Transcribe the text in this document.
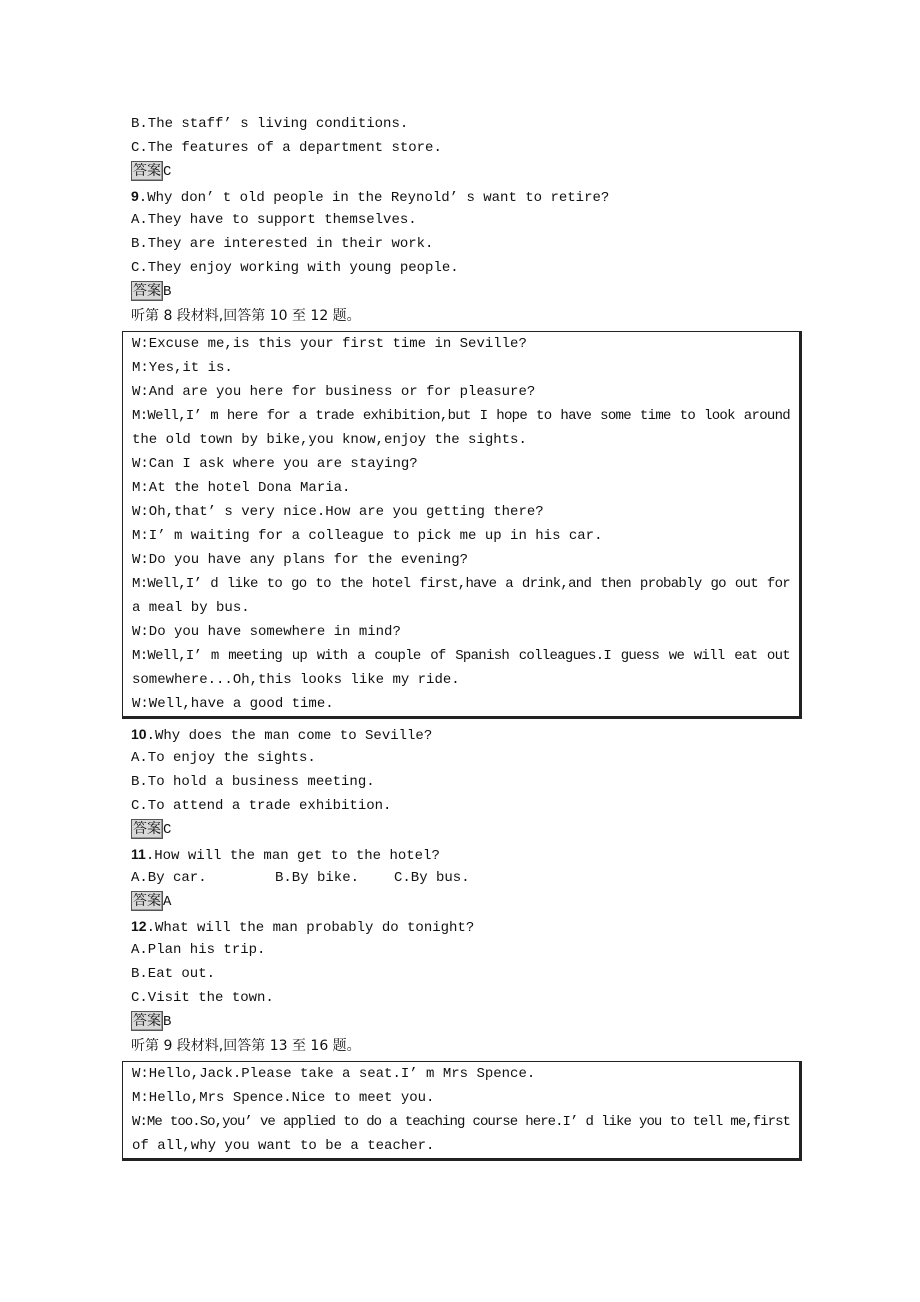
B.The staff’ s living conditions.
C.The features of a department store.
答案 C
9.Why don’ t old people in the Reynold’ s want to retire?
A.They have to support themselves.
B.They are interested in their work.
C.They enjoy working with young people.
答案 B
听第 8 段材料,回答第 10 至 12 题。
W:Excuse me,is this your first time in Seville?
M:Yes,it is.
W:And are you here for business or for pleasure?
M:Well,I’ m here for a trade exhibition,but I hope to have some time to look around
the old town by bike,you know,enjoy the sights.
W:Can I ask where you are staying?
M:At the hotel Dona Maria.
W:Oh,that’ s very nice.How are you getting there?
M:I’ m waiting for a colleague to pick me up in his car.
W:Do you have any plans for the evening?
M:Well,I’ d like to go to the hotel first,have a drink,and then probably go out for
a meal by bus.
W:Do you have somewhere in mind?
M:Well,I’ m meeting up with a couple of Spanish colleagues.I guess we will eat out
somewhere...Oh,this looks like my ride.
W:Well,have a good time.
10.Why does the man come to Seville?
A.To enjoy the sights.
B.To hold a business meeting.
C.To attend a trade exhibition.
答案 C
11.How will the man get to the hotel?
A.By car.	B.By bike. C.By bus.
答案 A
12.What will the man probably do tonight?
A.Plan his trip.
B.Eat out.
C.Visit the town.
答案 B
听第 9 段材料,回答第 13 至 16 题。
W:Hello,Jack.Please take a seat.I’ m Mrs Spence.
M:Hello,Mrs Spence.Nice to meet you.
W:Me too.So,you’ ve applied to do a teaching course here.I’ d like you to tell me,first
of all,why you want to be a teacher.
